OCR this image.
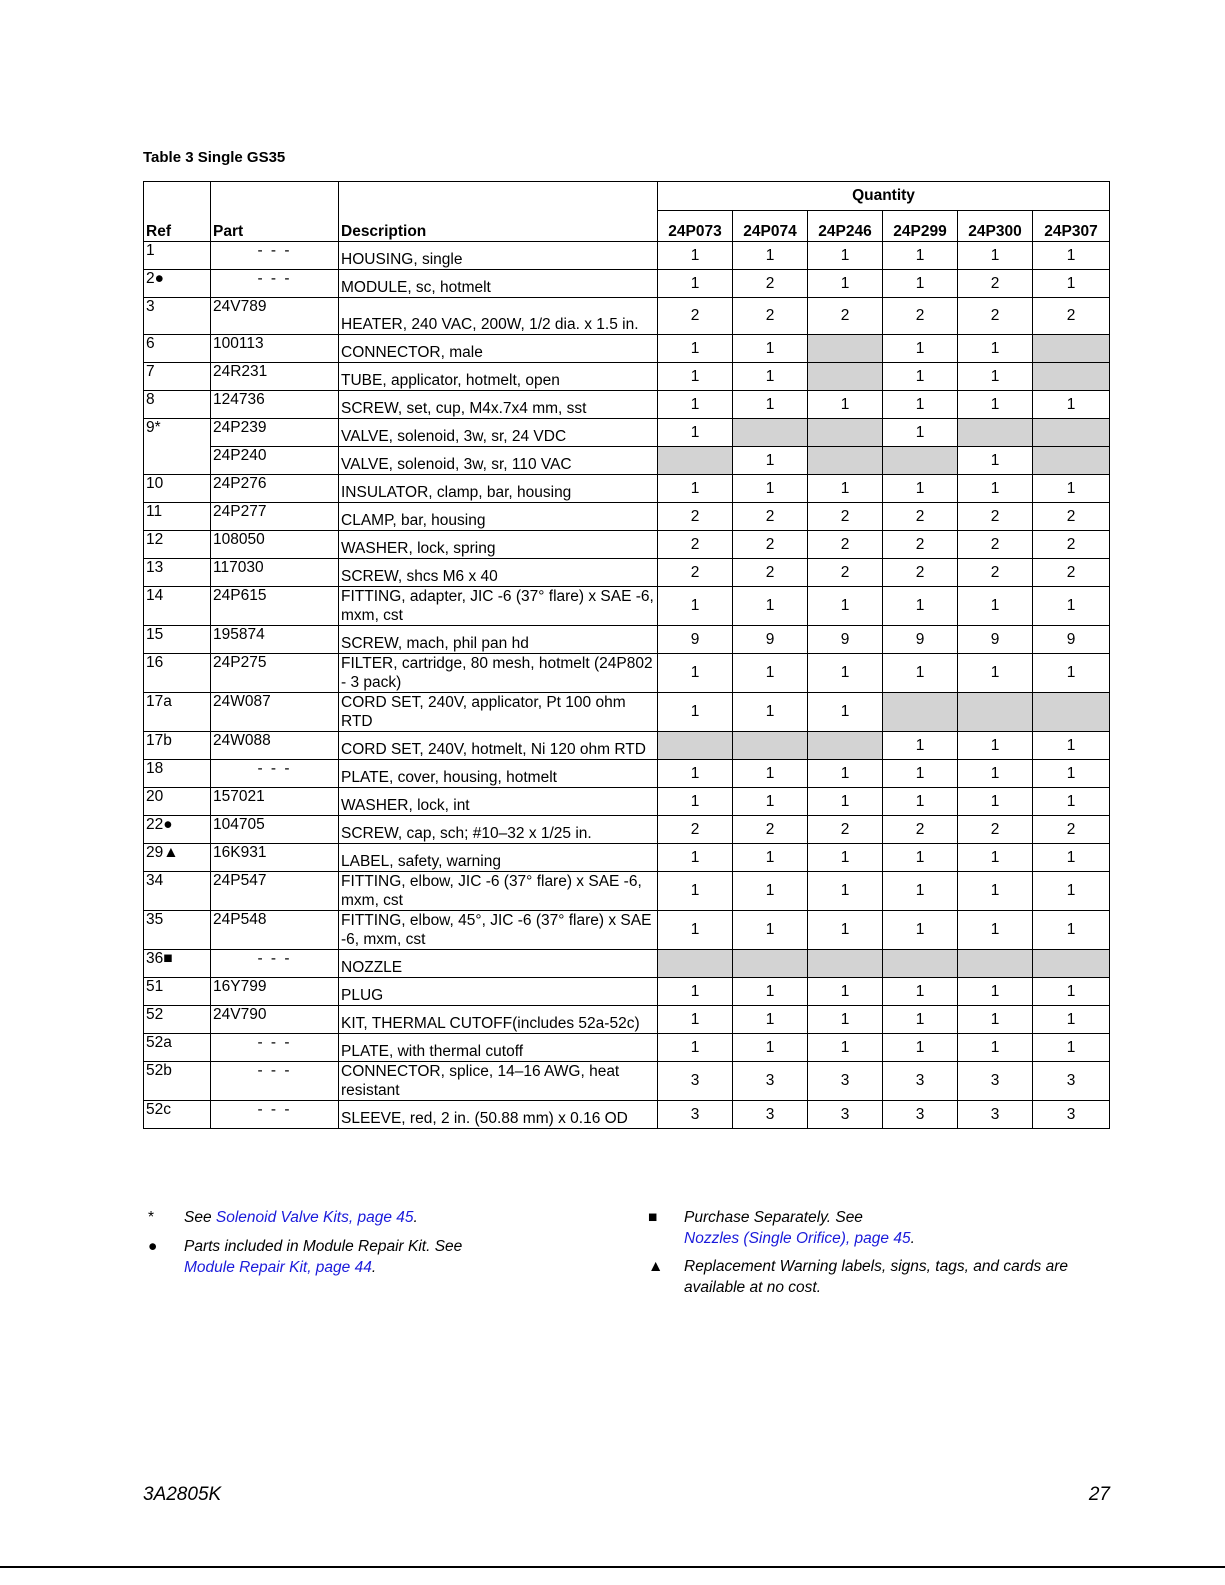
Table 3 Single GS35
Ref	Part	Description	Quantity					
			24P073	24P074	24P246	24P299	24P300	24P307
1	- - -	HOUSING, single	1	1	1	1	1	1
2●	- - -	MODULE, sc, hotmelt	1	2	1	1	2	1
3	24V789	HEATER, 240 VAC, 200W, 1/2 dia. x 1.5 in.	2	2	2	2	2	2
6	100113	CONNECTOR, male	1	1		1	1	
7	24R231	TUBE, applicator, hotmelt, open	1	1		1	1	
8	124736	SCREW, set, cup, M4x.7x4 mm, sst	1	1	1	1	1	1
9*	24P239	VALVE, solenoid, 3w, sr, 24 VDC	1			1		
	24P240	VALVE, solenoid, 3w, sr, 110 VAC		1			1	
10	24P276	INSULATOR, clamp, bar, housing	1	1	1	1	1	1
11	24P277	CLAMP, bar, housing	2	2	2	2	2	2
12	108050	WASHER, lock, spring	2	2	2	2	2	2
13	117030	SCREW, shcs M6 x 40	2	2	2	2	2	2
14	24P615	FITTING, adapter, JIC -6 (37° flare) x SAE -6, mxm, cst	1	1	1	1	1	1
15	195874	SCREW, mach, phil pan hd	9	9	9	9	9	9
16	24P275	FILTER, cartridge, 80 mesh, hotmelt (24P802 - 3 pack)	1	1	1	1	1	1
17a	24W087	CORD SET, 240V, applicator, Pt 100 ohm RTD	1	1	1			
17b	24W088	CORD SET, 240V, hotmelt, Ni 120 ohm RTD				1	1	1
18	- - -	PLATE, cover, housing, hotmelt	1	1	1	1	1	1
20	157021	WASHER, lock, int	1	1	1	1	1	1
22●	104705	SCREW, cap, sch; #10–32 x 1/25 in.	2	2	2	2	2	2
29▲	16K931	LABEL, safety, warning	1	1	1	1	1	1
34	24P547	FITTING, elbow, JIC -6 (37° flare) x SAE -6, mxm, cst	1	1	1	1	1	1
35	24P548	FITTING, elbow, 45°, JIC -6 (37° flare) x SAE -6, mxm, cst	1	1	1	1	1	1
36■	- - -	NOZZLE						
51	16Y799	PLUG	1	1	1	1	1	1
52	24V790	KIT, THERMAL CUTOFF(includes 52a-52c)	1	1	1	1	1	1
52a	- - -	PLATE, with thermal cutoff	1	1	1	1	1	1
52b	- - -	CONNECTOR, splice, 14–16 AWG, heat resistant	3	3	3	3	3	3
52c	- - -	SLEEVE, red, 2 in. (50.88 mm) x 0.16 OD	3	3	3	3	3	3
* See Solenoid Valve Kits, page 45.
● Parts included in Module Repair Kit. See
Module Repair Kit, page 44.
■ Purchase Separately. See
Nozzles (Single Orifice), page 45.
▲ Replacement Warning labels, signs, tags, and cards are available at no cost.
3A2805K	27
